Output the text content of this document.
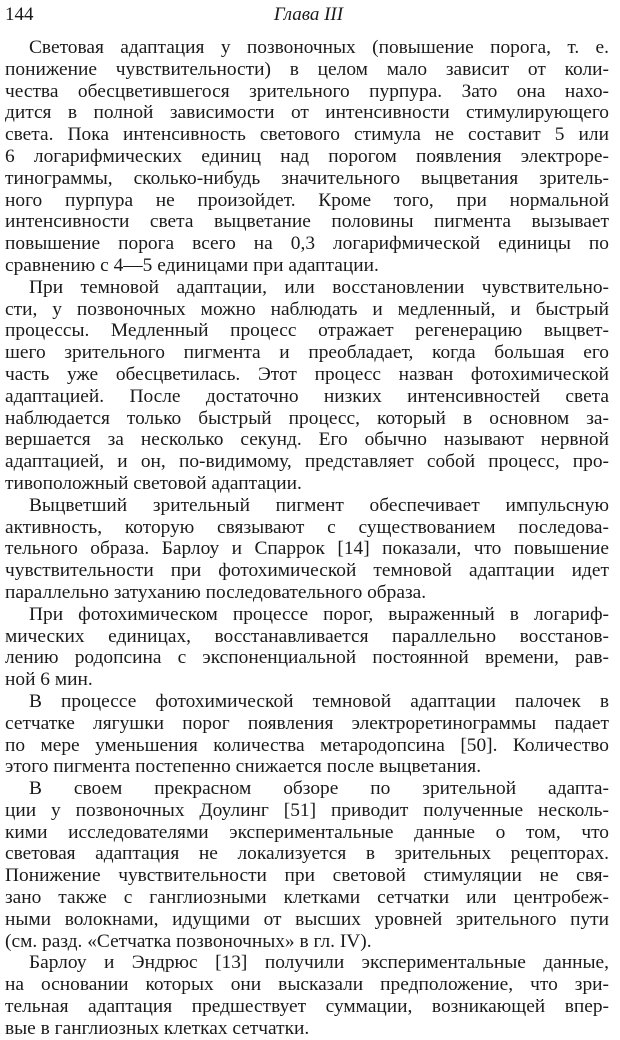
144	Глава III
Световая адаптация у позвоночных (повышение порога, т. е.
понижение чувствительности) в целом мало зависит от коли-
чества обесцветившегося зрительного пурпура. Зато она нахо-
дится в полной зависимости от интенсивности стимулирующего
света. Пока интенсивность светового стимула не составит 5 или
6 логарифмических единиц над порогом появления электроре-
тинограммы, сколько-нибудь значительного выцветания зритель-
ного пурпура не произойдет. Кроме того, при нормальной
интенсивности света выцветание половины пигмента вызывает
повышение порога всего на 0,3 логарифмической единицы по
сравнению с 4—5 единицами при адаптации.
При темновой адаптации, или восстановлении чувствительно-
сти, у позвоночных можно наблюдать и медленный, и быстрый
процессы. Медленный процесс отражает регенерацию выцвет-
шего зрительного пигмента и преобладает, когда большая его
часть уже обесцветилась. Этот процесс назван фотохимической
адаптацией. После достаточно низких интенсивностей света
наблюдается только быстрый процесс, который в основном за-
вершается за несколько секунд. Его обычно называют нервной
адаптацией, и он, по-видимому, представляет собой процесс, про-
тивоположный световой адаптации.
Выцветший зрительный пигмент обеспечивает импульсную
активность, которую связывают с существованием последова-
тельного образа. Барлоу и Спаррок [14] показали, что повышение
чувствительности при фотохимической темновой адаптации идет
параллельно затуханию последовательного образа.
При фотохимическом процессе порог, выраженный в логариф-
мических единицах, восстанавливается параллельно восстанов-
лению родопсина с экспоненциальной постоянной времени, рав-
ной 6 мин.
В процессе фотохимической темновой адаптации палочек в
сетчатке лягушки порог появления электроретинограммы падает
по мере уменьшения количества метародопсина [50]. Количество
этого пигмента постепенно снижается после выцветания.
В своем прекрасном обзоре по зрительной адапта-
ции у позвоночных Доулинг [51] приводит полученные несколь-
кими исследователями экспериментальные данные о том, что
световая адаптация не локализуется в зрительных рецепторах.
Понижение чувствительности при световой стимуляции не свя-
зано также с ганглиозными клетками сетчатки или центробеж-
ными волокнами, идущими от высших уровней зрительного пути
(см. разд. «Сетчатка позвоночных» в гл. IV).
Барлоу и Эндрюс [13] получили экспериментальные данные,
на основании которых они высказали предположение, что зри-
тельная адаптация предшествует суммации, возникающей впер-
вые в ганглиозных клетках сетчатки.
